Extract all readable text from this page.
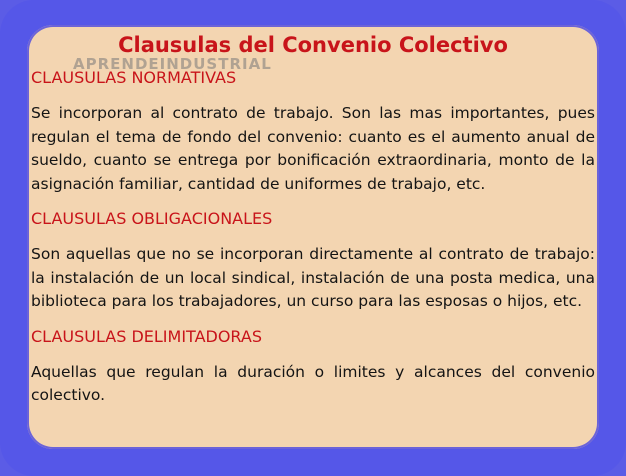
Clausulas del Convenio Colectivo
APRENDEINDUSTRIAL

CLAUSULAS NORMATIVAS

Se incorporan al contrato de trabajo. Son las mas importantes, pues regulan el tema de fondo del convenio: cuanto es el aumento anual de sueldo, cuanto se entrega por bonificación extraordinaria, monto de la asignación familiar, cantidad de uniformes de trabajo, etc.

CLAUSULAS OBLIGACIONALES

Son aquellas que no se incorporan directamente al contrato de trabajo: la instalación de un local sindical, instalación de una posta medica, una biblioteca para los trabajadores, un curso para las esposas o hijos, etc.

CLAUSULAS DELIMITADORAS

Aquellas que regulan la duración o limites y alcances del convenio colectivo.
